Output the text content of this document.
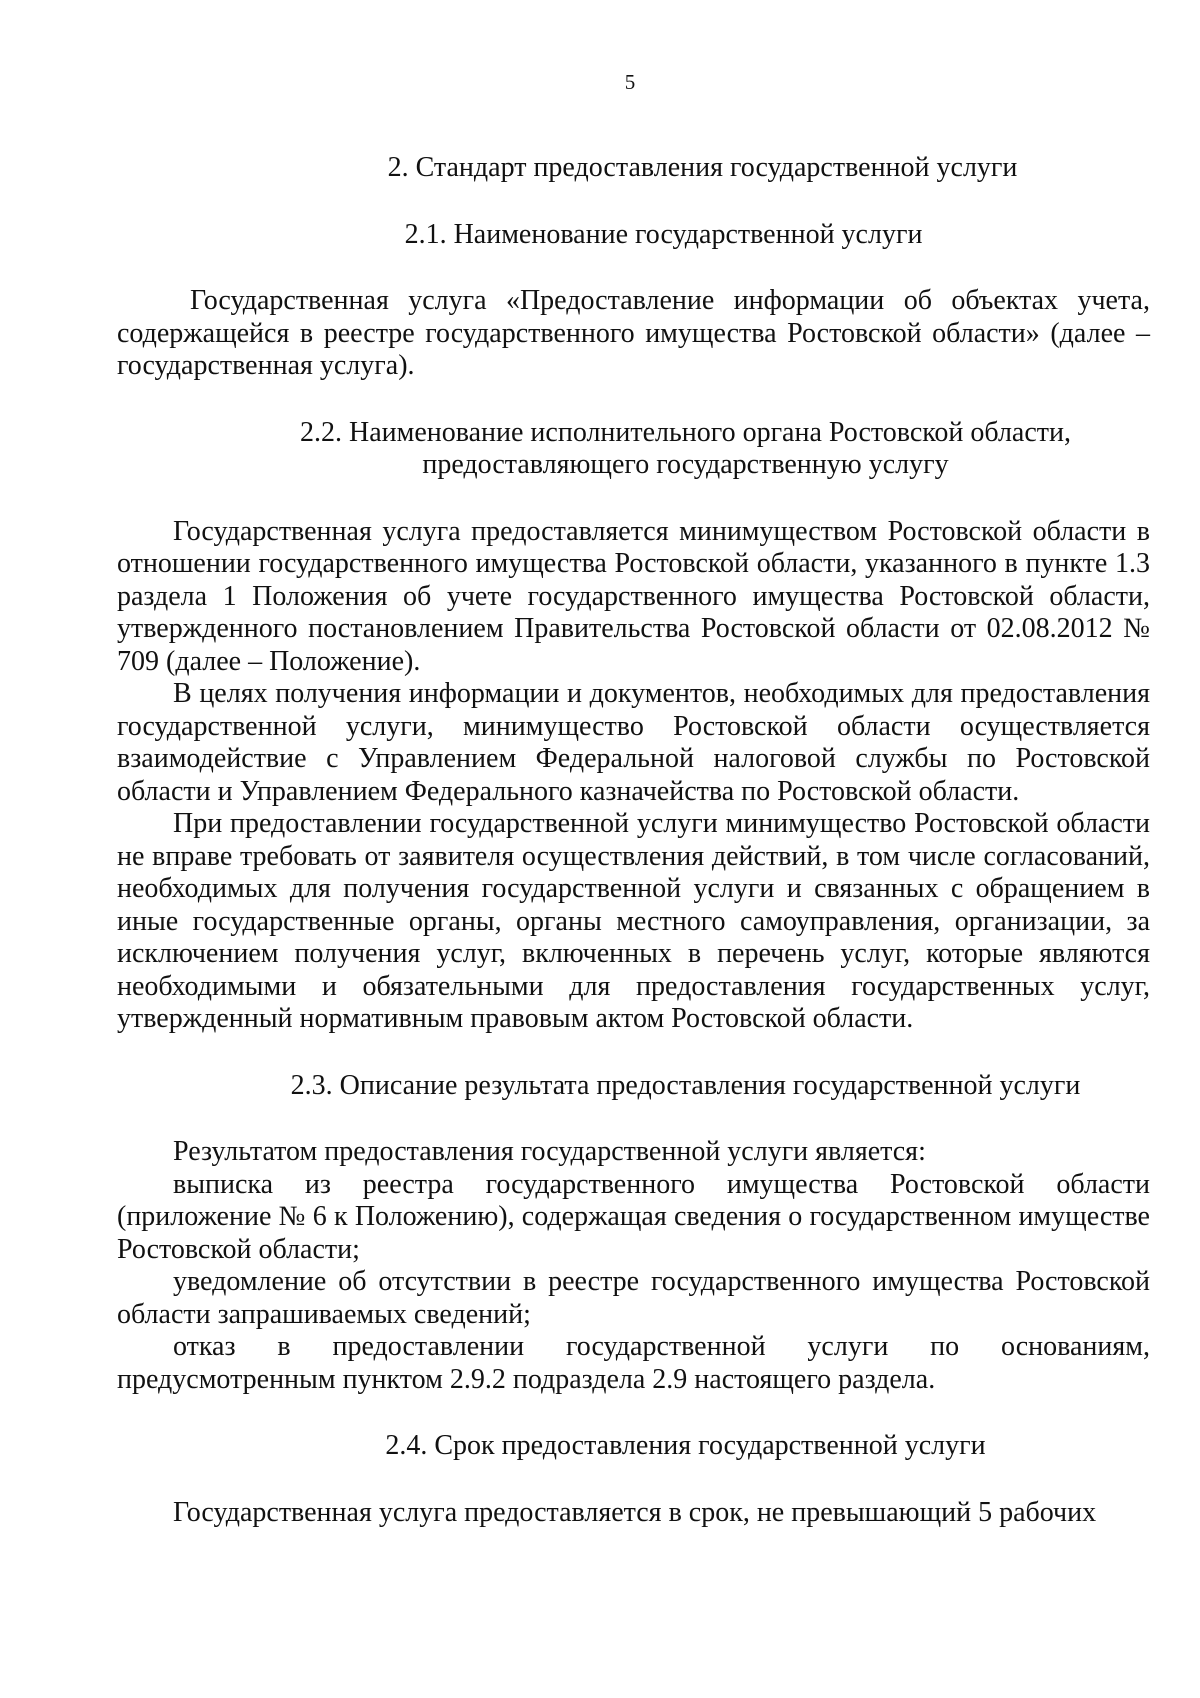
5

2. Стандарт предоставления государственной услуги

2.1. Наименование государственной услуги

Государственная услуга «Предоставление информации об объектах учета, содержащейся в реестре государственного имущества Ростовской области» (далее – государственная услуга).

2.2. Наименование исполнительного органа Ростовской области,
предоставляющего государственную услугу

Государственная услуга предоставляется минимуществом Ростовской области в отношении государственного имущества Ростовской области, указанного в пункте 1.3 раздела 1 Положения об учете государственного имущества Ростовской области, утвержденного постановлением Правительства Ростовской области от 02.08.2012 № 709 (далее – Положение).

В целях получения информации и документов, необходимых для предоставления государственной услуги, минимущество Ростовской области осуществляется взаимодействие с Управлением Федеральной налоговой службы по Ростовской области и Управлением Федерального казначейства по Ростовской области.

При предоставлении государственной услуги минимущество Ростовской области не вправе требовать от заявителя осуществления действий, в том числе согласований, необходимых для получения государственной услуги и связанных с обращением в иные государственные органы, органы местного самоуправления, организации, за исключением получения услуг, включенных в перечень услуг, которые являются необходимыми и обязательными для предоставления государственных услуг, утвержденный нормативным правовым актом Ростовской области.

2.3. Описание результата предоставления государственной услуги

Результатом предоставления государственной услуги является:

выписка из реестра государственного имущества Ростовской области (приложение № 6 к Положению), содержащая сведения о государственном имуществе Ростовской области;

уведомление об отсутствии в реестре государственного имущества Ростовской области запрашиваемых сведений;

отказ в предоставлении государственной услуги по основаниям, предусмотренным пунктом 2.9.2 подраздела 2.9 настоящего раздела.

2.4. Срок предоставления государственной услуги

Государственная услуга предоставляется в срок, не превышающий 5 рабочих
